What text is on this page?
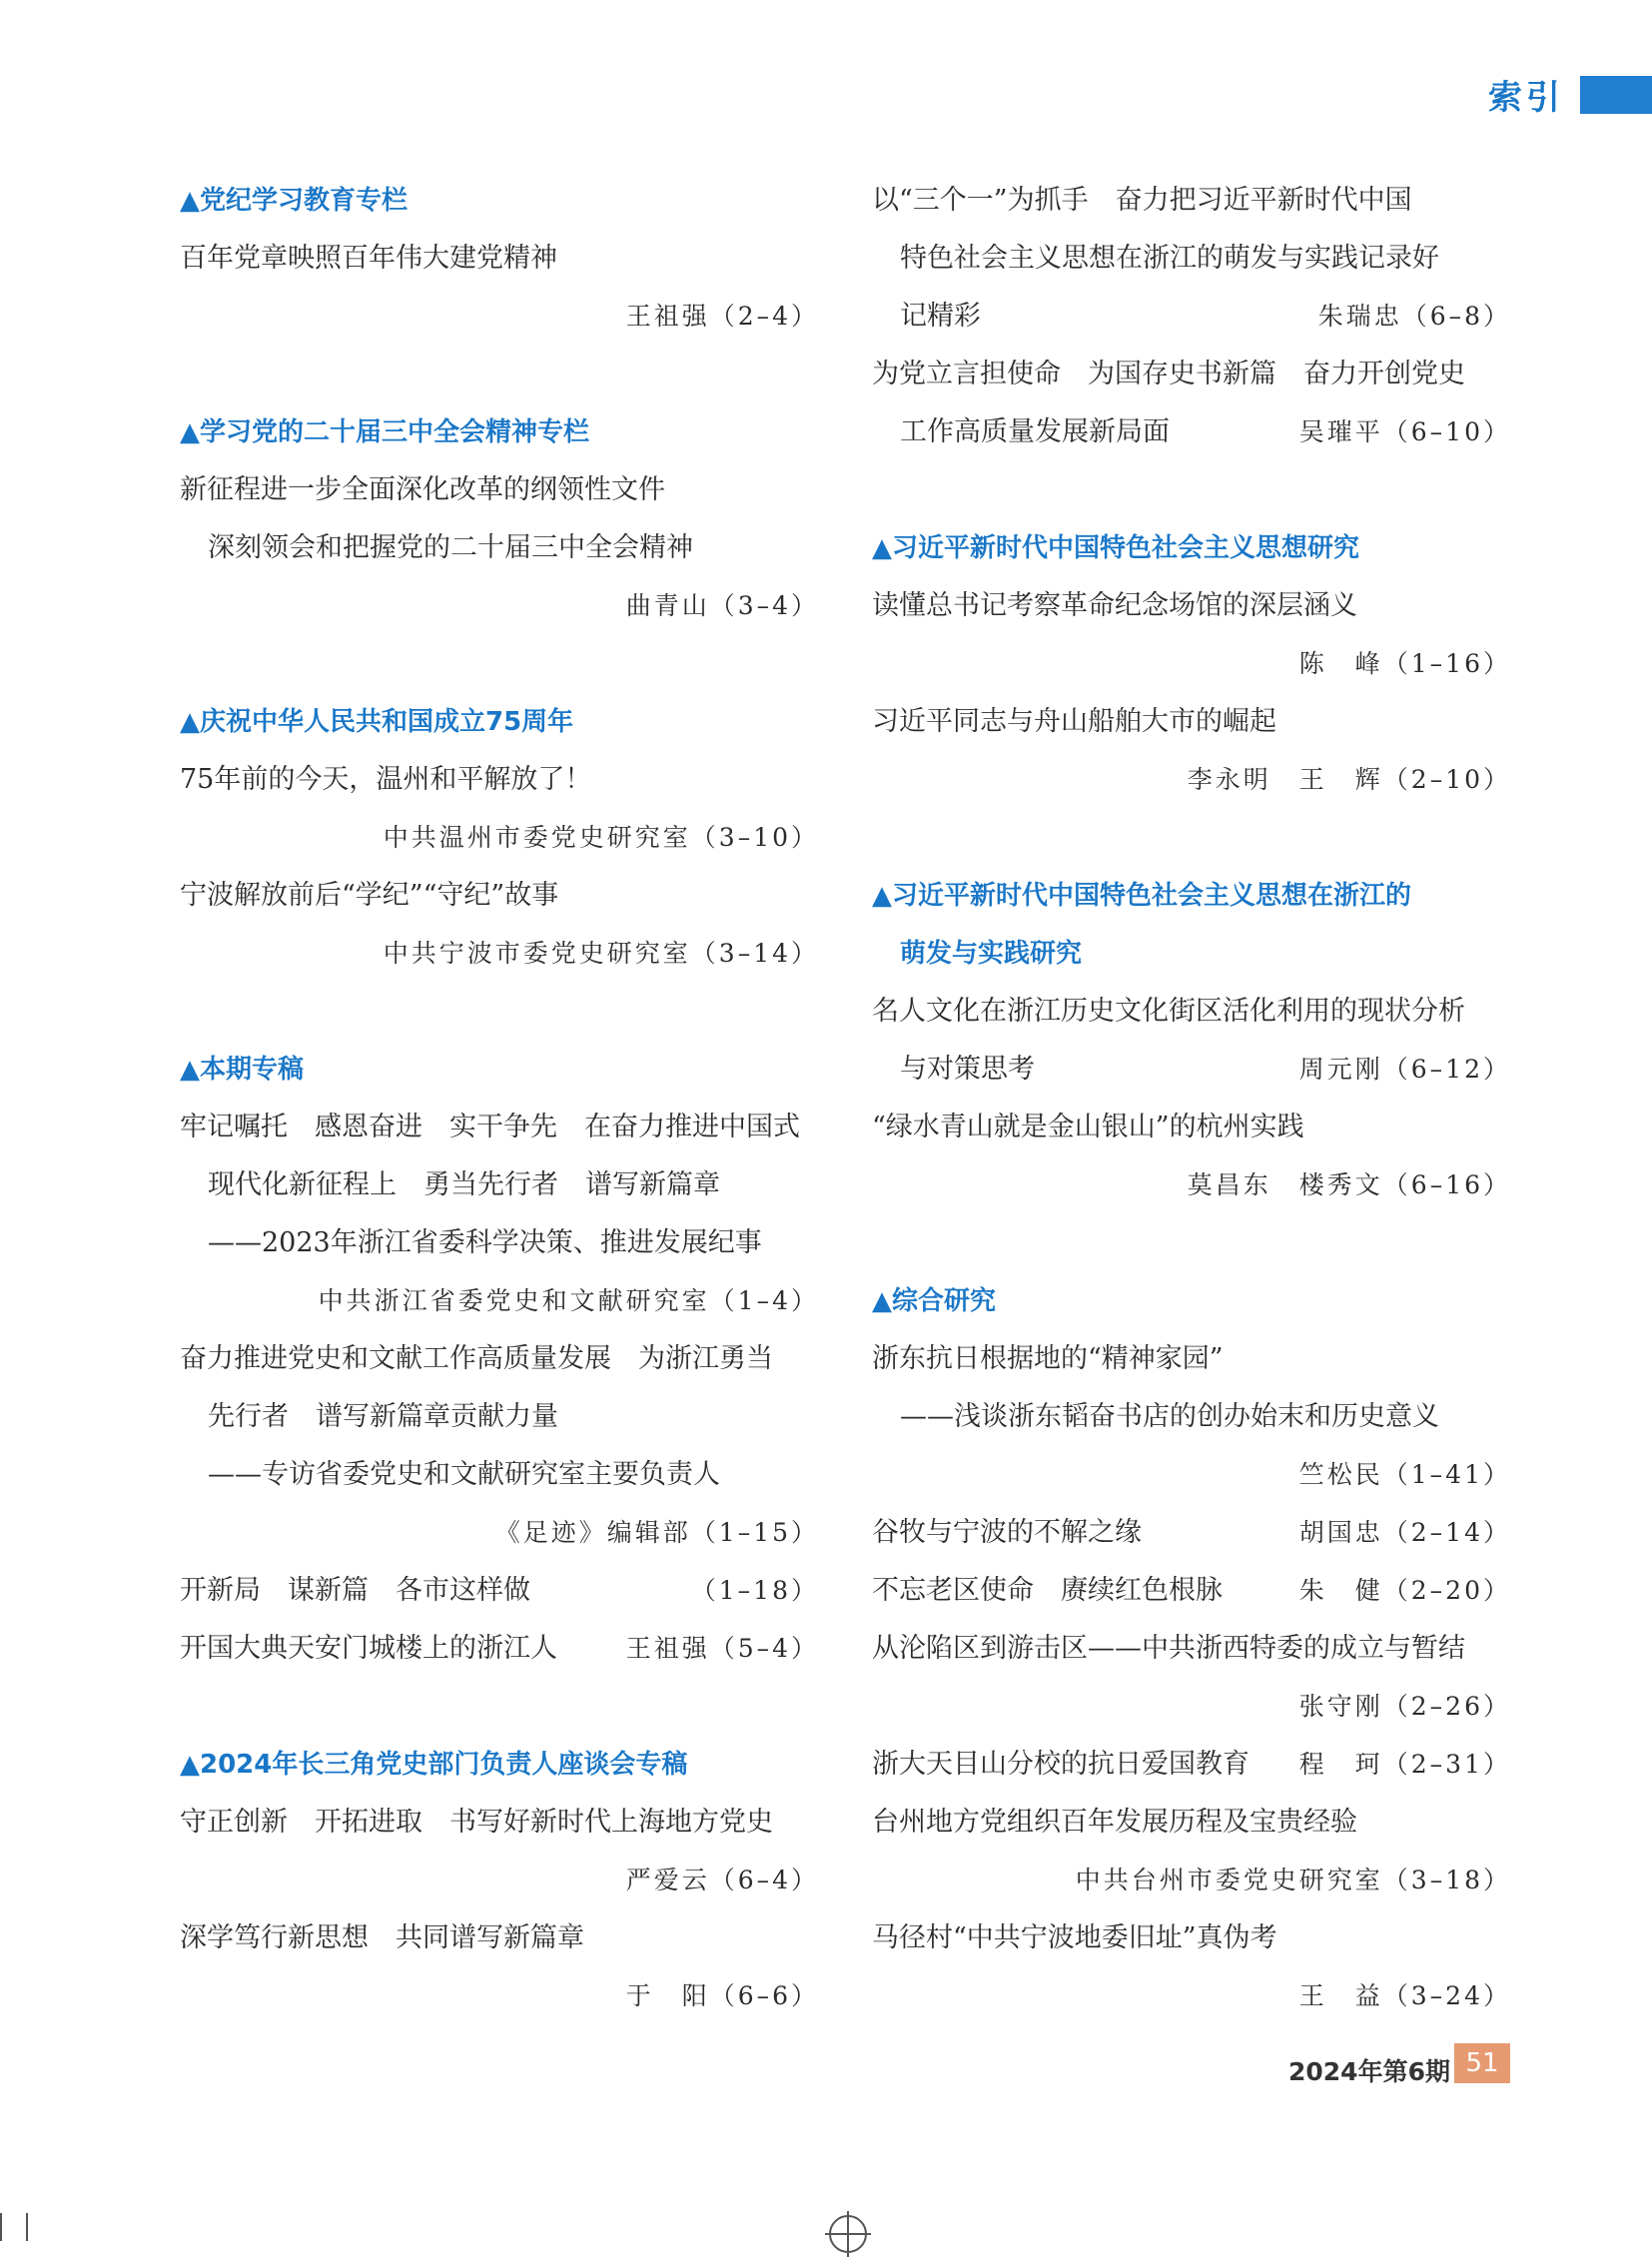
索引
▲党纪学习教育专栏
百年党章映照百年伟大建党精神
王祖强（2–4）
▲学习党的二十届三中全会精神专栏
新征程进一步全面深化改革的纲领性文件
深刻领会和把握党的二十届三中全会精神
曲青山（3–4）
▲庆祝中华人民共和国成立75周年
75年前的今天，温州和平解放了！
中共温州市委党史研究室（3–10）
宁波解放前后“学纪”“守纪”故事
中共宁波市委党史研究室（3–14）
▲本期专稿
牢记嘱托　感恩奋进　实干争先　在奋力推进中国式
现代化新征程上　勇当先行者　谱写新篇章
——2023年浙江省委科学决策、推进发展纪事
中共浙江省委党史和文献研究室（1–4）
奋力推进党史和文献工作高质量发展　为浙江勇当
先行者　谱写新篇章贡献力量
——专访省委党史和文献研究室主要负责人
《足迹》编辑部（1–15）
开新局　谋新篇　各市这样做	（1–18）
开国大典天安门城楼上的浙江人	王祖强（5–4）
▲2024年长三角党史部门负责人座谈会专稿
守正创新　开拓进取　书写好新时代上海地方党史
严爱云（6–4）
深学笃行新思想　共同谱写新篇章
于　阳（6–6）
以“三个一”为抓手　奋力把习近平新时代中国
特色社会主义思想在浙江的萌发与实践记录好
记精彩	朱瑞忠（6–8）
为党立言担使命　为国存史书新篇　奋力开创党史
工作高质量发展新局面	吴璀平（6–10）
▲习近平新时代中国特色社会主义思想研究
读懂总书记考察革命纪念场馆的深层涵义
陈　峰（1–16）
习近平同志与舟山船舶大市的崛起
李永明　王　辉（2–10）
▲习近平新时代中国特色社会主义思想在浙江的
萌发与实践研究
名人文化在浙江历史文化街区活化利用的现状分析
与对策思考	周元刚（6–12）
“绿水青山就是金山银山”的杭州实践
莫昌东　楼秀文（6–16）
▲综合研究
浙东抗日根据地的“精神家园”
——浅谈浙东韬奋书店的创办始末和历史意义
竺松民（1–41）
谷牧与宁波的不解之缘	胡国忠（2–14）
不忘老区使命　赓续红色根脉	朱　健（2–20）
从沦陷区到游击区——中共浙西特委的成立与暂结
张守刚（2–26）
浙大天目山分校的抗日爱国教育 程　珂（2–31）
台州地方党组织百年发展历程及宝贵经验
中共台州市委党史研究室（3–18）
马径村“中共宁波地委旧址”真伪考
王　益（3–24）
2024年第6期 51
